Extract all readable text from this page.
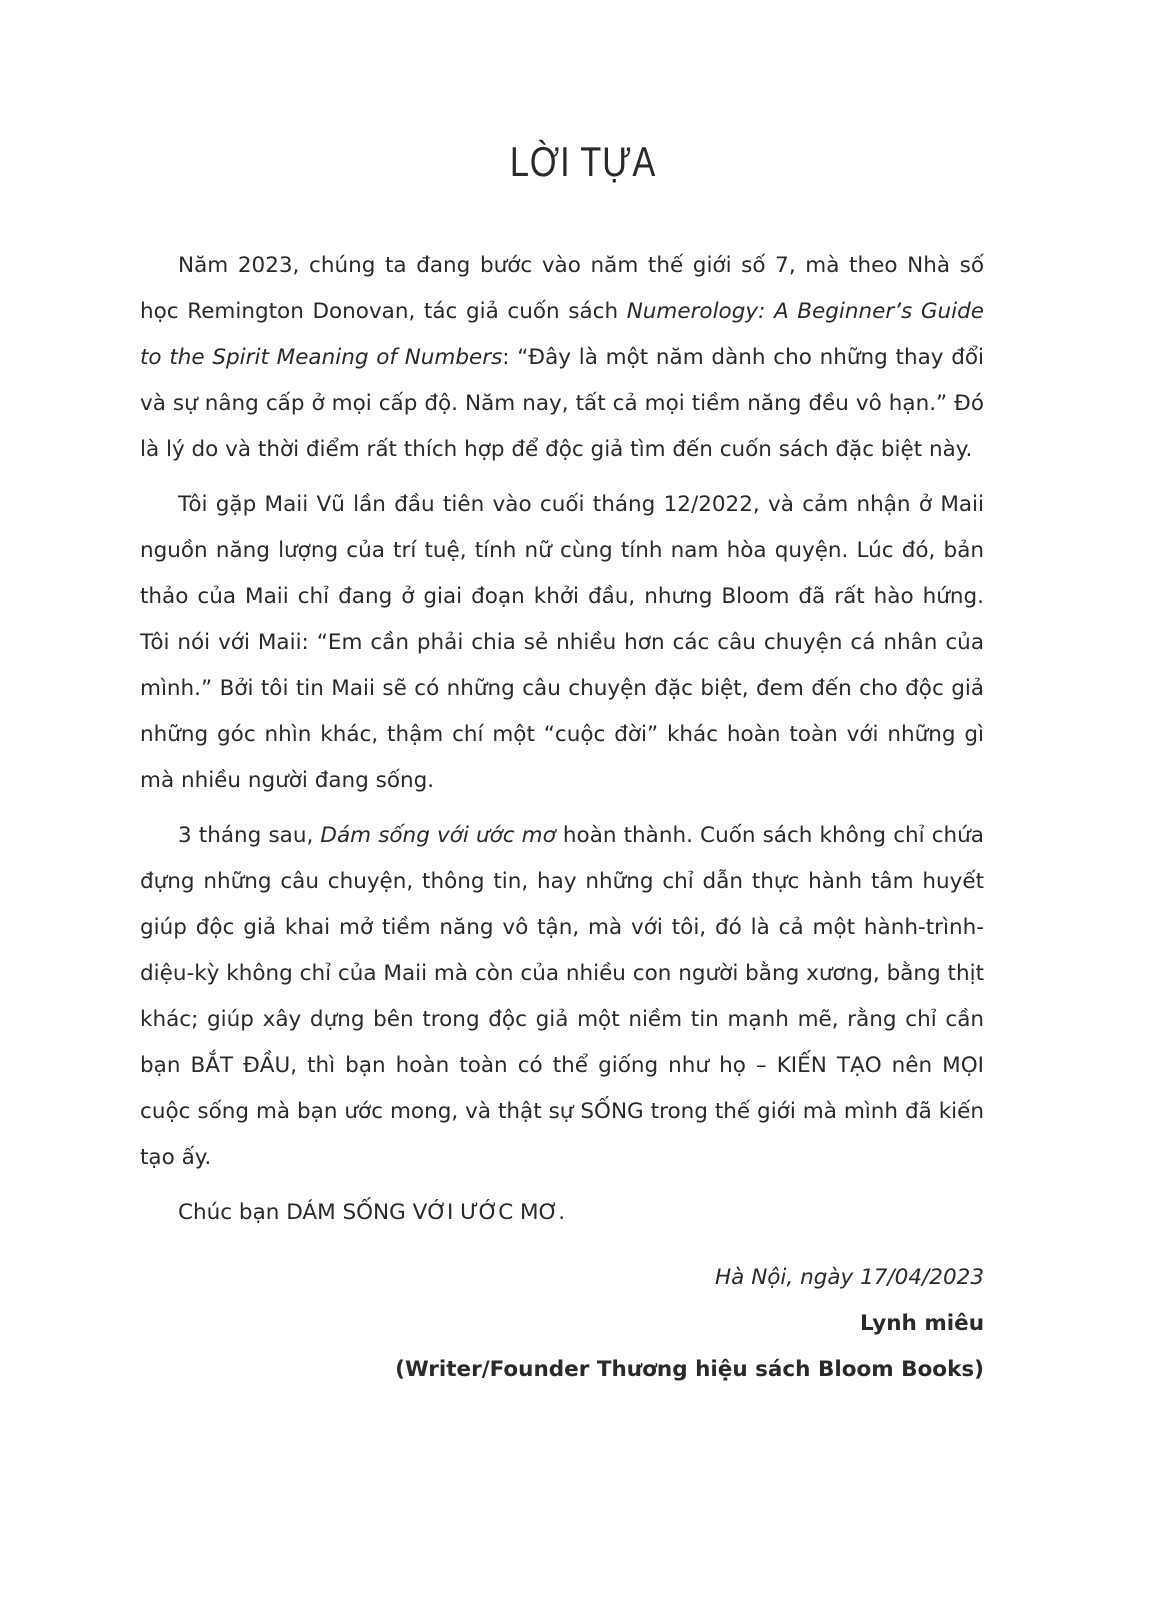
LỜI TỰA

Năm 2023, chúng ta đang bước vào năm thế giới số 7, mà theo Nhà số học Remington Donovan, tác giả cuốn sách Numerology: A Beginner’s Guide to the Spirit Meaning of Numbers: “Đây là một năm dành cho những thay đổi và sự nâng cấp ở mọi cấp độ. Năm nay, tất cả mọi tiềm năng đều vô hạn.” Đó là lý do và thời điểm rất thích hợp để độc giả tìm đến cuốn sách đặc biệt này.

Tôi gặp Maii Vũ lần đầu tiên vào cuối tháng 12/2022, và cảm nhận ở Maii nguồn năng lượng của trí tuệ, tính nữ cùng tính nam hòa quyện. Lúc đó, bản thảo của Maii chỉ đang ở giai đoạn khởi đầu, nhưng Bloom đã rất hào hứng. Tôi nói với Maii: “Em cần phải chia sẻ nhiều hơn các câu chuyện cá nhân của mình.” Bởi tôi tin Maii sẽ có những câu chuyện đặc biệt, đem đến cho độc giả những góc nhìn khác, thậm chí một “cuộc đời” khác hoàn toàn với những gì mà nhiều người đang sống.

3 tháng sau, Dám sống với ước mơ hoàn thành. Cuốn sách không chỉ chứa đựng những câu chuyện, thông tin, hay những chỉ dẫn thực hành tâm huyết giúp độc giả khai mở tiềm năng vô tận, mà với tôi, đó là cả một hành-trình-diệu-kỳ không chỉ của Maii mà còn của nhiều con người bằng xương, bằng thịt khác; giúp xây dựng bên trong độc giả một niềm tin mạnh mẽ, rằng chỉ cần bạn BẮT ĐẦU, thì bạn hoàn toàn có thể giống như họ – KIẾN TẠO nên MỌI cuộc sống mà bạn ước mong, và thật sự SỐNG trong thế giới mà mình đã kiến tạo ấy.

Chúc bạn DÁM SỐNG VỚI ƯỚC MƠ.

Hà Nội, ngày 17/04/2023
Lynh miêu
(Writer/Founder Thương hiệu sách Bloom Books)
